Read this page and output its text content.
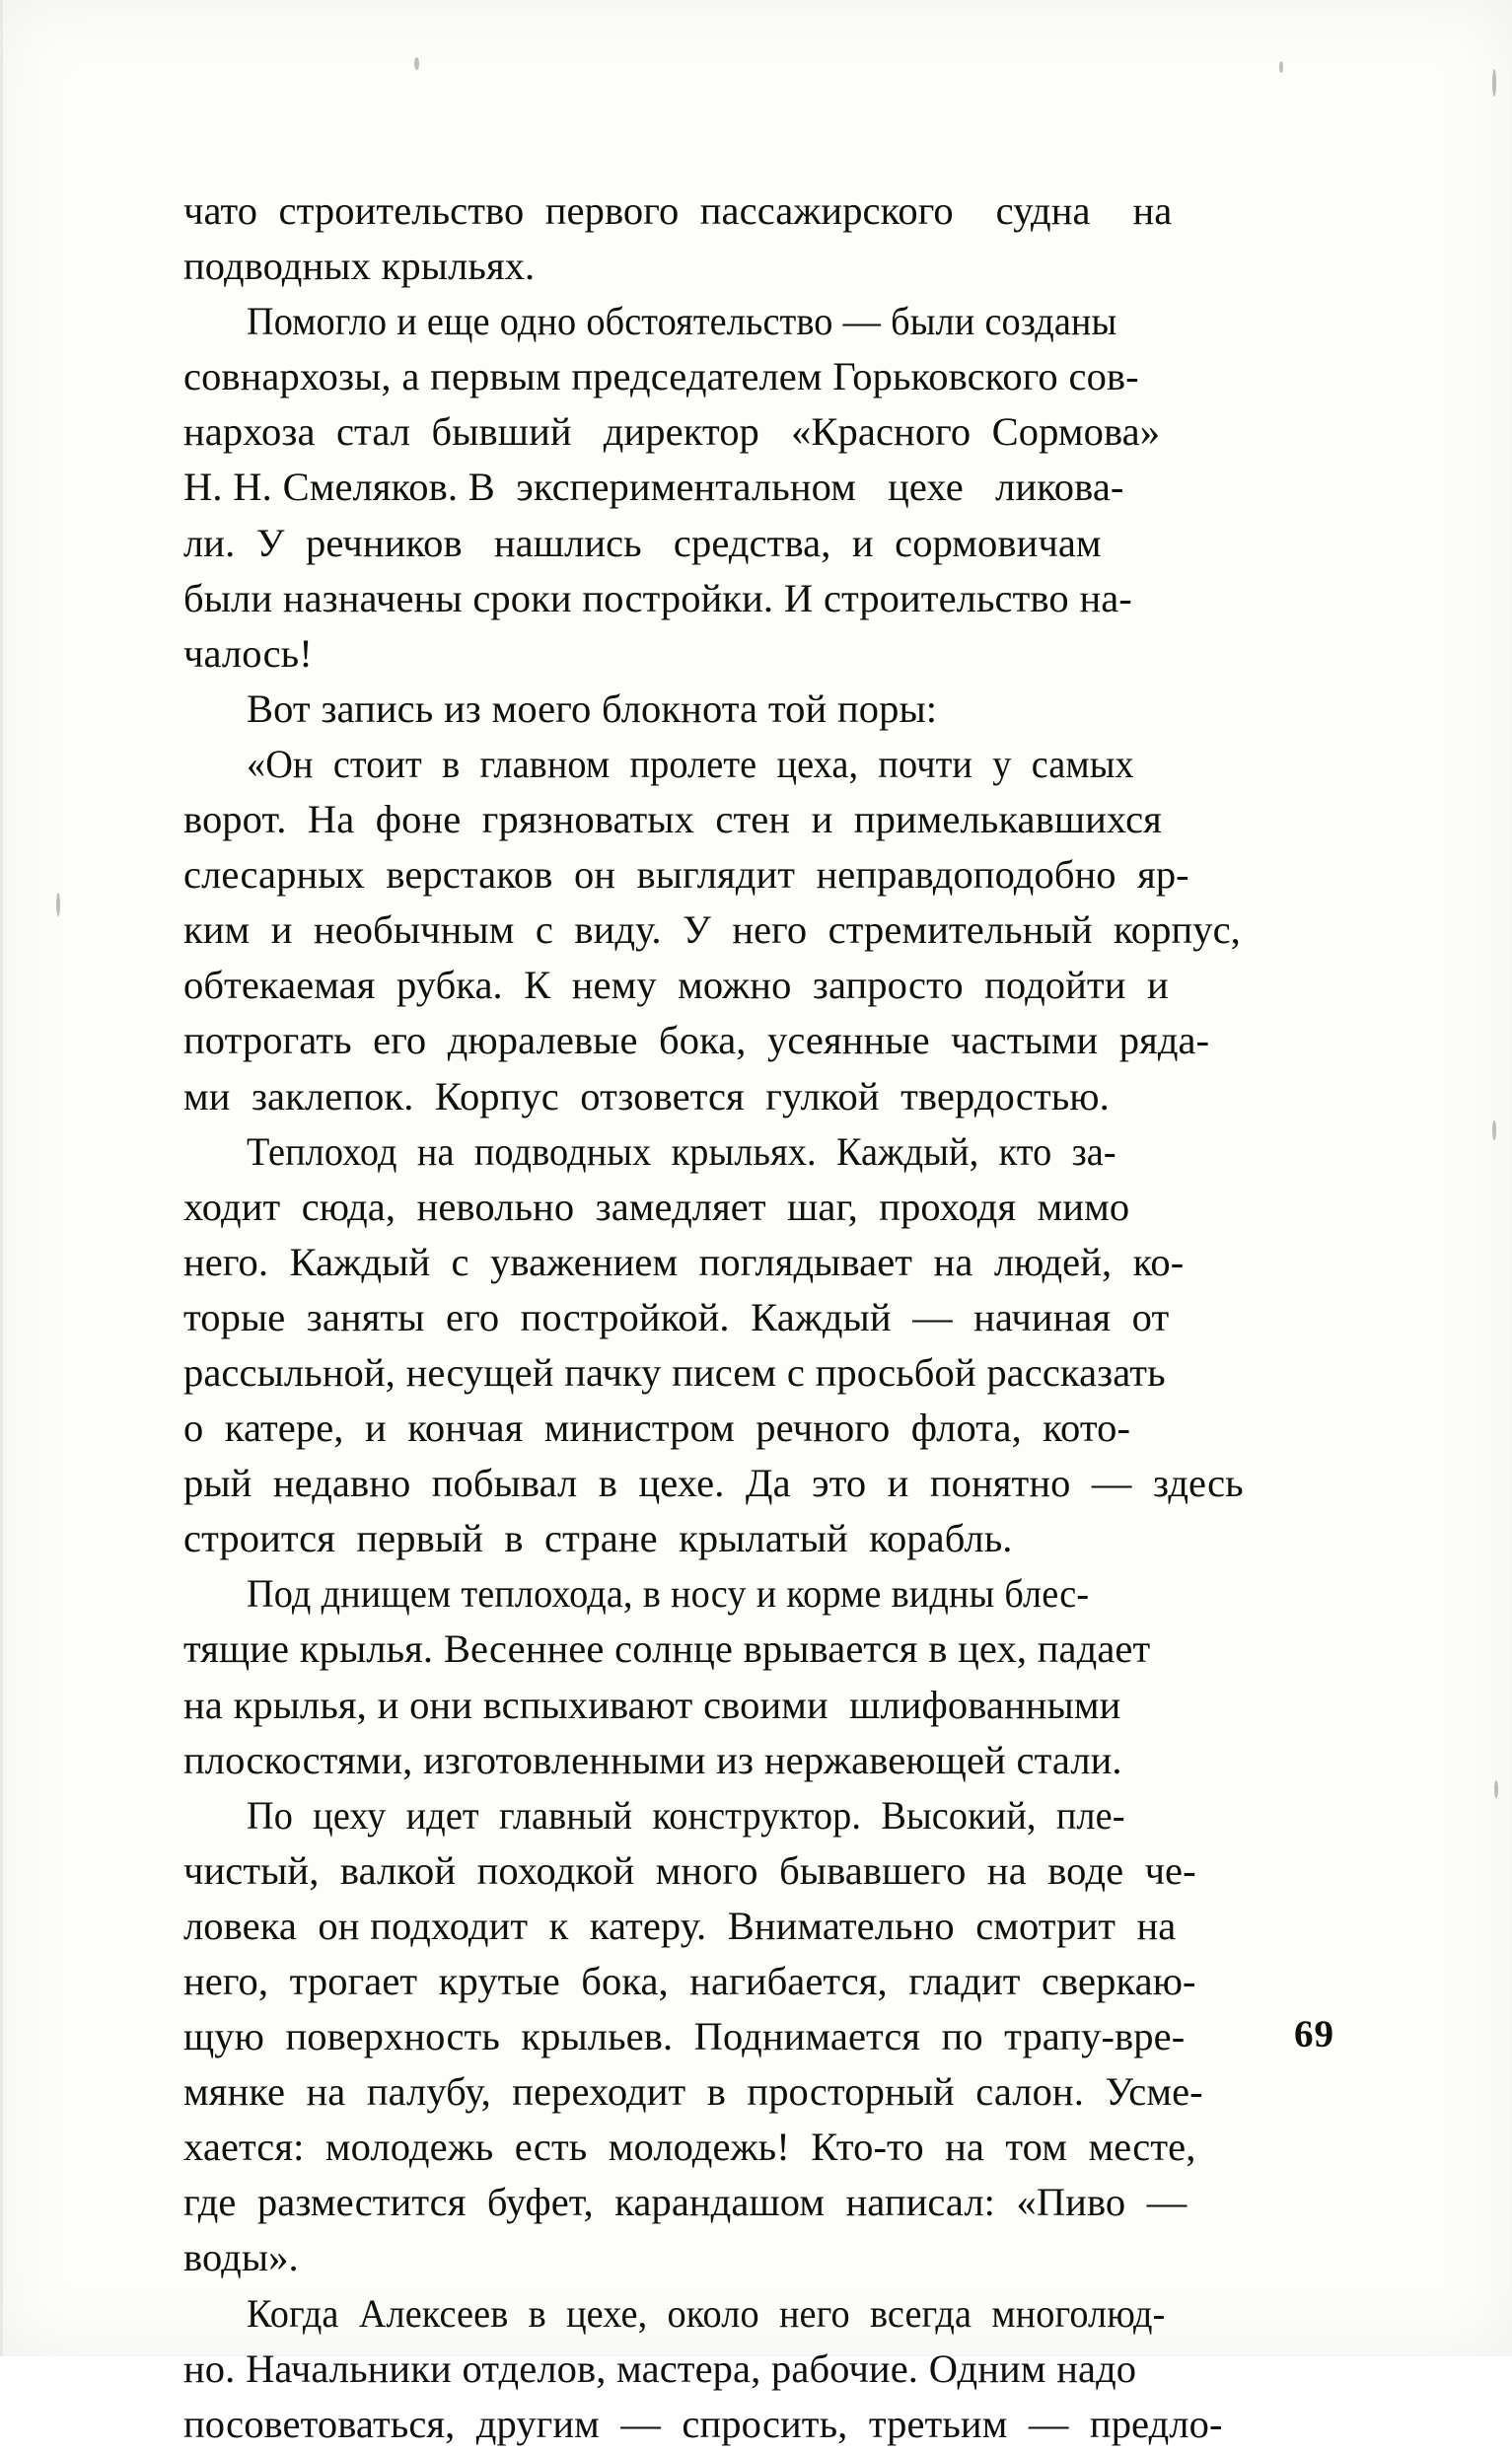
чато  строительство  первого  пассажирского    судна    на
подводных крыльях.

Помогло и еще одно обстоятельство — были созданы
совнархозы, а первым председателем Горьковского сов-
нархоза  стал  бывший   директор   «Красного  Сормова»
Н. Н. Смеляков. В  экспериментальном   цехе   ликова-
ли.  У  речников   нашлись   средства,  и  сормовичам
были назначены сроки постройки. И строительство на-
чалось!

Вот запись из моего блокнота той поры:

«Он  стоит  в  главном  пролете  цеха,  почти  у  самых
ворот.  На  фоне  грязноватых  стен  и  примелькавшихся
слесарных  верстаков  он  выглядит  неправдоподобно  яр-
ким  и  необычным  с  виду.  У  него  стремительный  корпус,
обтекаемая  рубка.  К  нему  можно  запросто  подойти  и
потрогать  его  дюралевые  бока,  усеянные  частыми  ряда-
ми  заклепок.  Корпус  отзовется  гулкой  твердостью.

Теплоход  на  подводных  крыльях.  Каждый,  кто  за-
ходит  сюда,  невольно  замедляет  шаг,  проходя  мимо
него.  Каждый  с  уважением  поглядывает  на  людей,  ко-
торые  заняты  его  постройкой.  Каждый  —  начиная  от
рассыльной, несущей пачку писем с просьбой рассказать
о  катере,  и  кончая  министром  речного  флота,  кото-
рый  недавно  побывал  в  цехе.  Да  это  и  понятно  —  здесь
строится  первый  в  стране  крылатый  корабль.

Под днищем теплохода, в носу и корме видны блес-
тящие крылья. Весеннее солнце врывается в цех, падает
на крылья, и они вспыхивают своими  шлифованными
плоскостями, изготовленными из нержавеющей стали.

По  цеху  идет  главный  конструктор.  Высокий,  пле-
чистый,  валкой  походкой  много  бывавшего  на  воде  че-
ловека  он подходит  к  катеру.  Внимательно  смотрит  на
него,  трогает  крутые  бока,  нагибается,  гладит  сверкаю-
щую  поверхность  крыльев.  Поднимается  по  трапу-вре-
мянке  на  палубу,  переходит  в  просторный  салон.  Усме-
хается:  молодежь  есть  молодежь!  Кто-то  на  том  месте,
где  разместится  буфет,  карандашом  написал:  «Пиво  —
воды».

Когда  Алексеев  в  цехе,  около  него  всегда  многолюд-
но. Начальники отделов, мастера, рабочие. Одним надо
посоветоваться,  другим  —  спросить,  третьим  —  предло-

69
